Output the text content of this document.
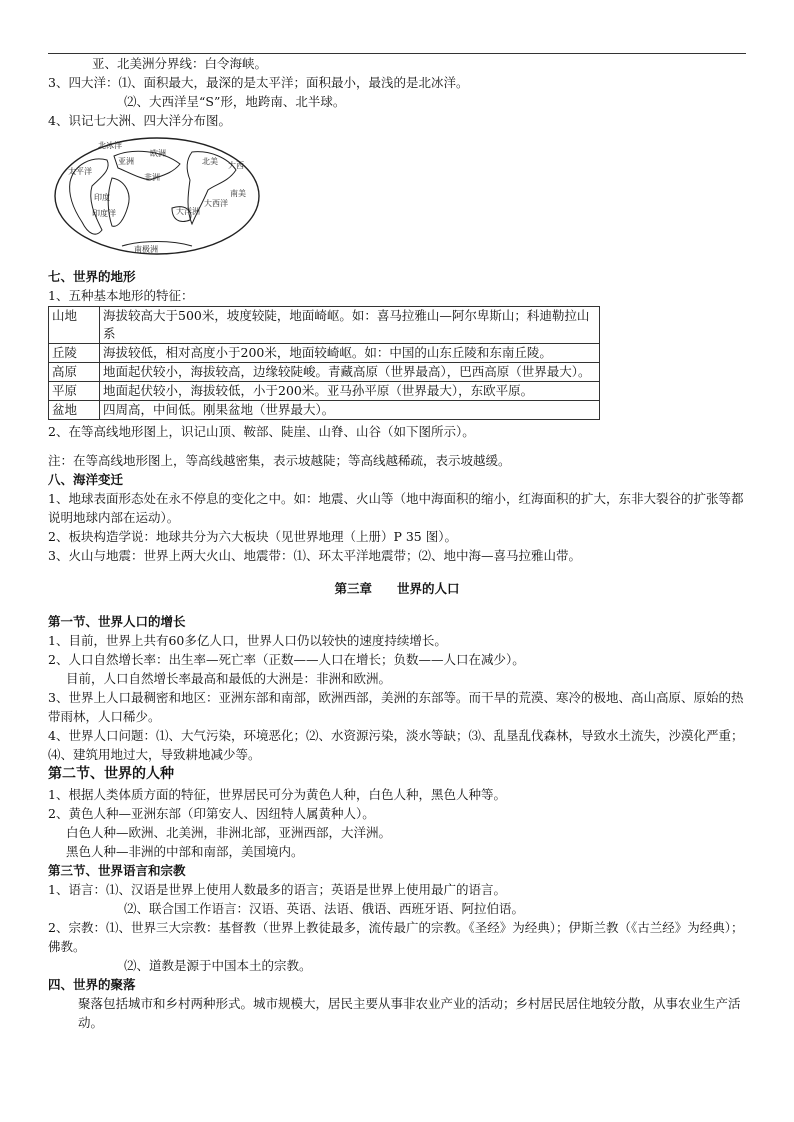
亚、北美洲分界线：白令海峡。
3、四大洋：⑴、面积最大，最深的是太平洋；面积最小，最浅的是北冰洋。
⑵、大西洋呈“S”形，地跨南、北半球。
4、识记七大洲、四大洋分布图。
北冰洋
亚洲
欧洲
北美 大西
大洋洲
非洲
印度	南美
大西洋
太平洋
南极洲
印度洋
七、世界的地形
1、五种基本地形的特征：
山地	海拔较高大于500米，坡度较陡，地面崎岖。如：喜马拉雅山—阿尔卑斯山；科迪勒拉山系
丘陵	海拔较低，相对高度小于200米，地面较崎岖。如：中国的山东丘陵和东南丘陵。
高原	地面起伏较小，海拔较高，边缘较陡峻。青藏高原（世界最高），巴西高原（世界最大）。
平原	地面起伏较小，海拔较低，小于200米。亚马孙平原（世界最大），东欧平原。
盆地	四周高，中间低。刚果盆地（世界最大）。
2、在等高线地形图上，识记山顶、鞍部、陡崖、山脊、山谷（如下图所示）。
注：在等高线地形图上，等高线越密集，表示坡越陡；等高线越稀疏，表示坡越缓。
八、海洋变迁
1、地球表面形态处在永不停息的变化之中。如：地震、火山等（地中海面积的缩小，红海面积的扩大，东非大裂谷的扩张等都说明地球内部在运动）。
2、板块构造学说：地球共分为六大板块（见世界地理（上册）P 35 图）。
3、火山与地震：世界上两大火山、地震带：⑴、环太平洋地震带；⑵、地中海—喜马拉雅山带。
第三章　　世界的人口
第一节、世界人口的增长
1、目前，世界上共有60多亿人口，世界人口仍以较快的速度持续增长。
2、人口自然增长率：出生率—死亡率（正数——人口在增长；负数——人口在减少）。
目前，人口自然增长率最高和最低的大洲是：非洲和欧洲。
3、世界上人口最稠密和地区：亚洲东部和南部，欧洲西部，美洲的东部等。而干旱的荒漠、寒冷的极地、高山高原、原始的热带雨林，人口稀少。
4、世界人口问题：⑴、大气污染，环境恶化；⑵、水资源污染，淡水等缺；⑶、乱垦乱伐森林，导致水土流失，沙漠化严重；⑷、建筑用地过大，导致耕地减少等。
第二节、世界的人种
1、根据人类体质方面的特征，世界居民可分为黄色人种，白色人种，黑色人种等。
2、黄色人种—亚洲东部（印第安人、因纽特人属黄种人）。
白色人种—欧洲、北美洲，非洲北部，亚洲西部，大洋洲。
黑色人种—非洲的中部和南部，美国境内。
第三节、世界语言和宗教
1、语言：⑴、汉语是世界上使用人数最多的语言；英语是世界上使用最广的语言。
⑵、联合国工作语言：汉语、英语、法语、俄语、西班牙语、阿拉伯语。
2、宗教：⑴、世界三大宗教：基督教（世界上教徒最多，流传最广的宗教。《圣经》为经典）；伊斯兰教（《古兰经》为经典）；佛教。
⑵、道教是源于中国本土的宗教。
四、世界的聚落
聚落包括城市和乡村两种形式。城市规模大，居民主要从事非农业产业的活动；乡村居民居住地较分散，从事农业生产活动。
